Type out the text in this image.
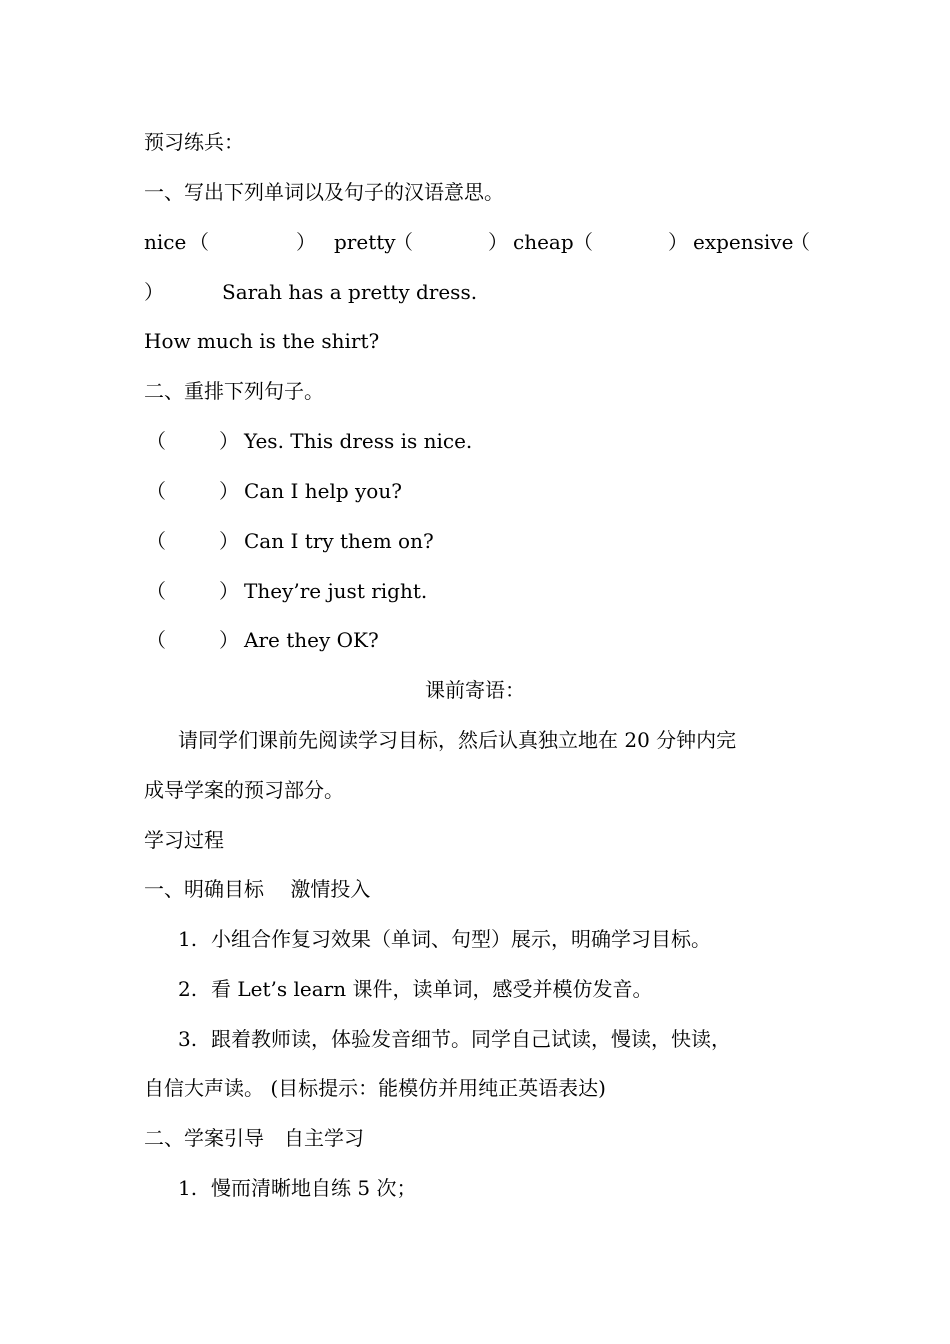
预习练兵：
一、写出下列单词以及句子的汉语意思。
nice （	） pretty
（	） cheap （	） expensive
（
）	Sarah has a pretty dress.
How much is the shirt?
二、重排下列句子。
（	） Yes. This dress is nice.
（	） Can I help you?
（	） Can I try them on?
（	） They’re just right.
（	） Are they OK?
课前寄语：
请同学们课前先阅读学习目标，然后认真独立地在 20 分钟内完
成导学案的预习部分。
学习过程
一、明确目标　 激情投入
1. 小组合作复习效果（单词、句型）展示，明确学习目标。
2. 看 Let’s learn 课件，读单词，感受并模仿发音。
3. 跟着教师读，体验发音细节。同学自己试读，慢读，快读，
自信大声读。 (目标提示：能模仿并用纯正英语表达)
二、学案引导　自主学习
1. 慢而清晰地自练 5 次；
